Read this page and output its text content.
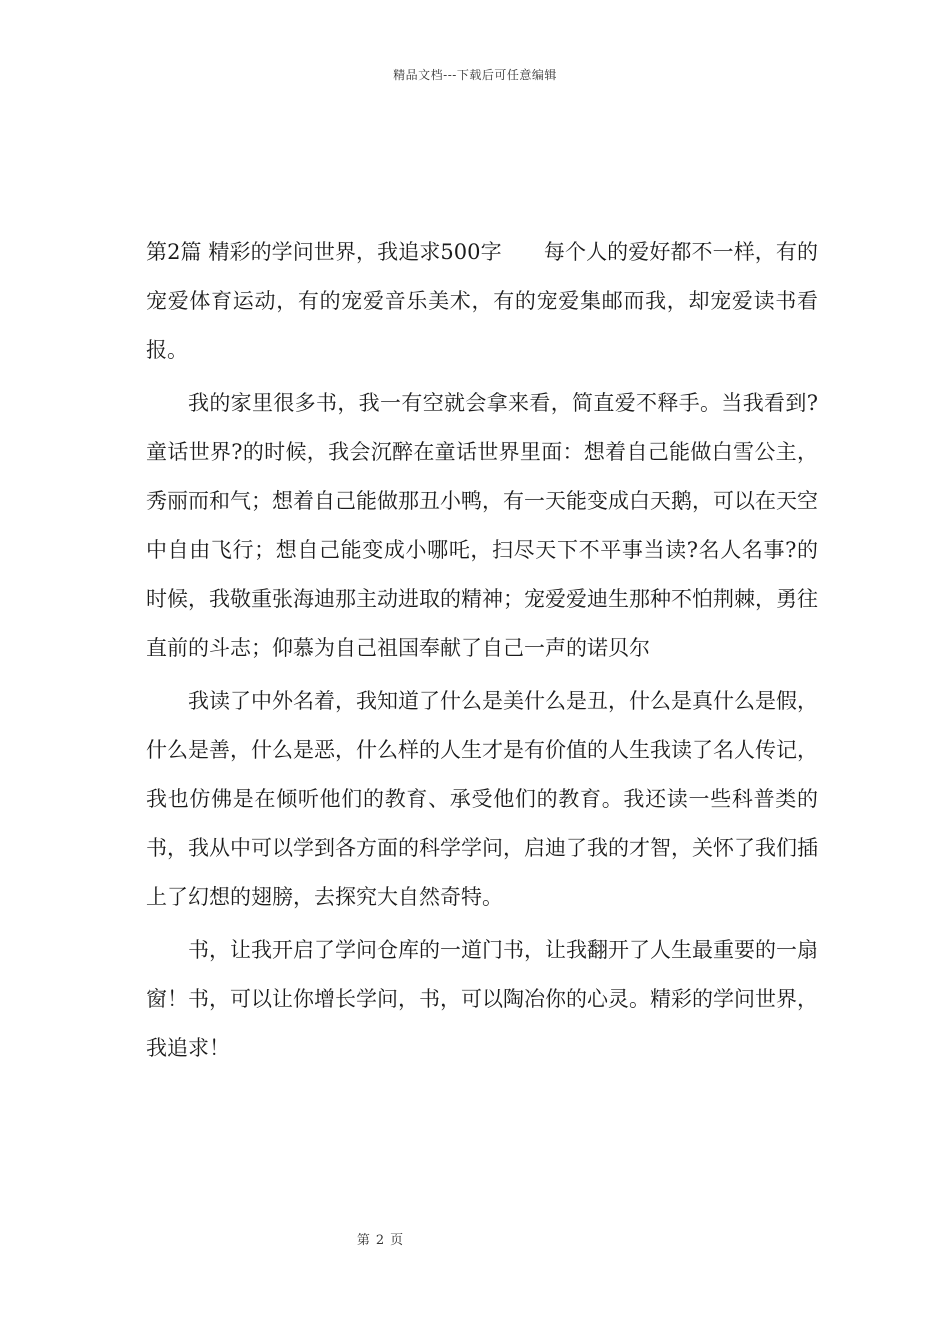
精品文档---下载后可任意编辑

第2篇 精彩的学问世界，我追求500字　　每个人的爱好都不一样，有的宠爱体育运动，有的宠爱音乐美术，有的宠爱集邮而我，却宠爱读书看报。

我的家里很多书，我一有空就会拿来看，简直爱不释手。当我看到?童话世界?的时候，我会沉醉在童话世界里面：想着自己能做白雪公主，秀丽而和气；想着自己能做那丑小鸭，有一天能变成白天鹅，可以在天空中自由飞行；想自己能变成小哪吒，扫尽天下不平事当读?名人名事?的时候，我敬重张海迪那主动进取的精神；宠爱爱迪生那种不怕荆棘，勇往直前的斗志；仰慕为自己祖国奉献了自己一声的诺贝尔

我读了中外名着，我知道了什么是美什么是丑，什么是真什么是假，什么是善，什么是恶，什么样的人生才是有价值的人生我读了名人传记，我也仿佛是在倾听他们的教育、承受他们的教育。我还读一些科普类的书，我从中可以学到各方面的科学学问，启迪了我的才智，关怀了我们插上了幻想的翅膀，去探究大自然奇特。

书，让我开启了学问仓库的一道门书，让我翻开了人生最重要的一扇窗！书，可以让你增长学问，书，可以陶冶你的心灵。精彩的学问世界，我追求！

第 2 页
